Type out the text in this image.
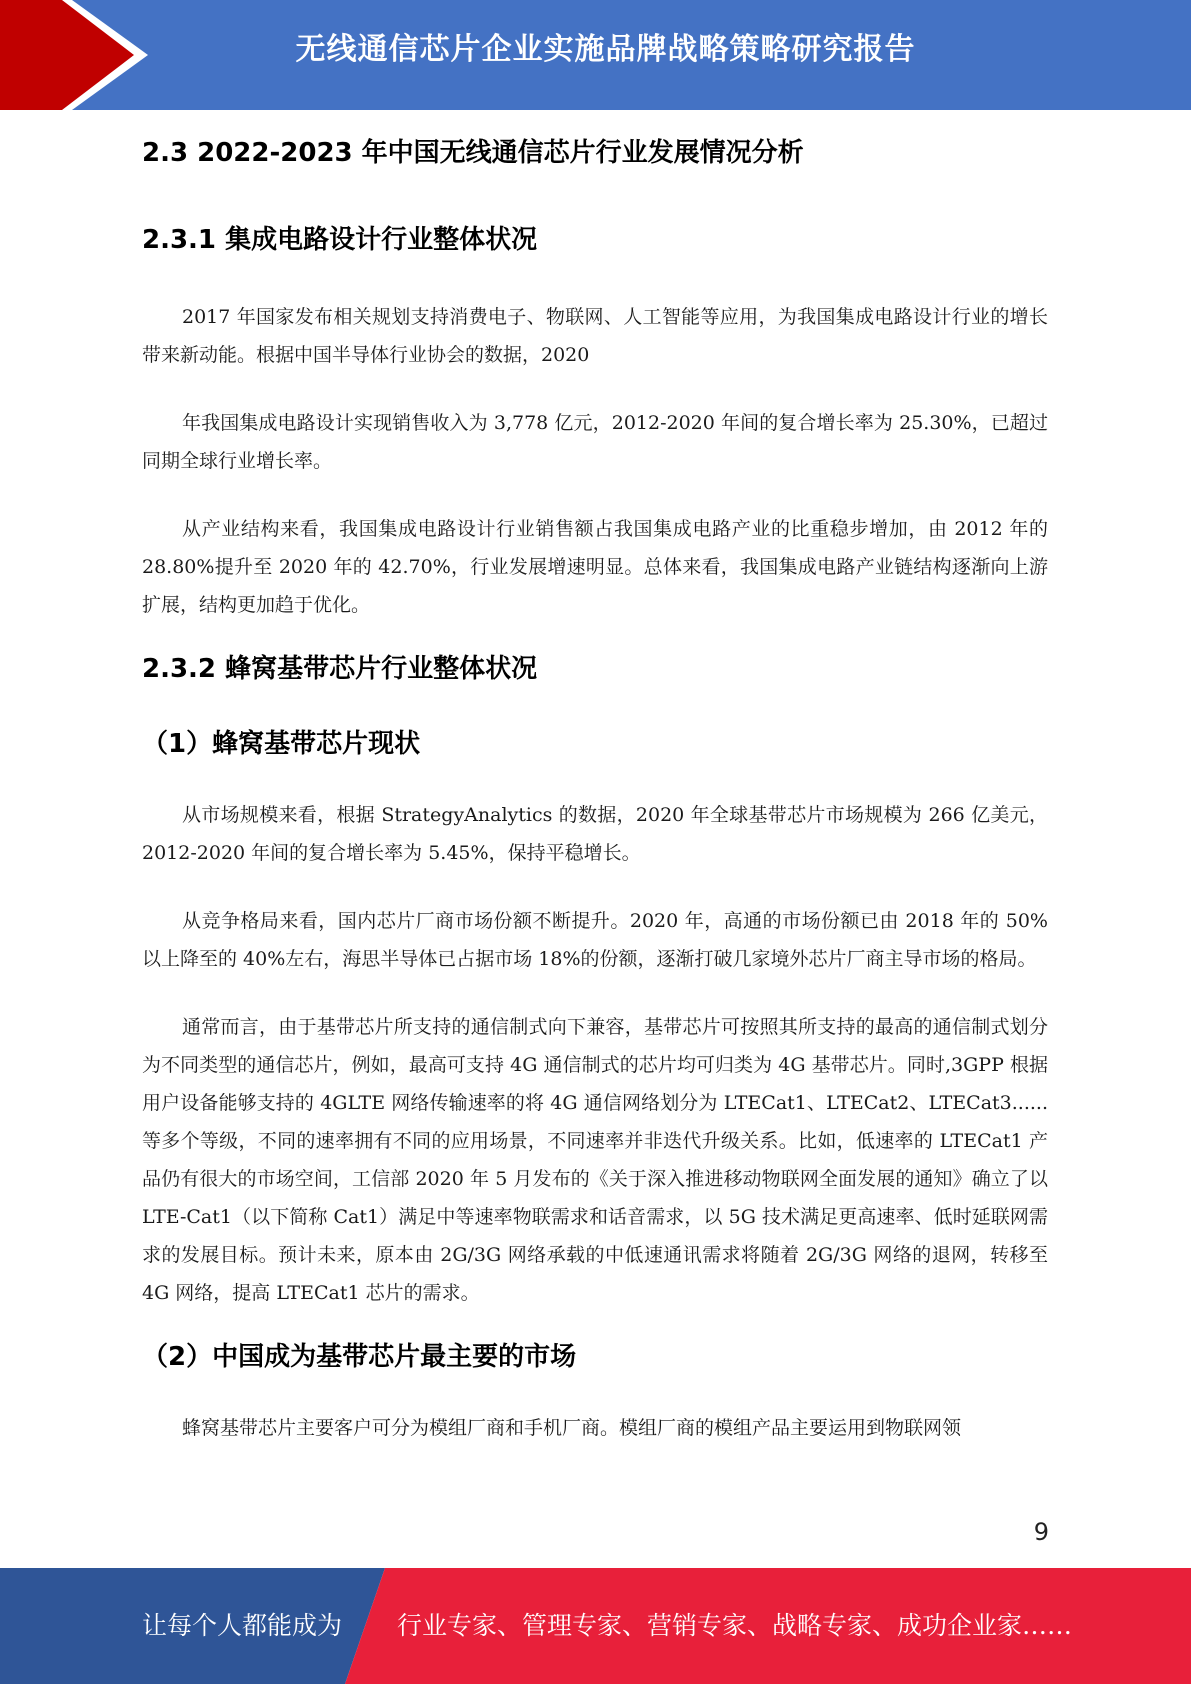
无线通信芯片企业实施品牌战略策略研究报告
2.3 2022-2023 年中国无线通信芯片行业发展情况分析
2.3.1 集成电路设计行业整体状况

2017 年国家发布相关规划支持消费电子、物联网、人工智能等应用，为我国集成电路设计行业的增长带来新动能。根据中国半导体行业协会的数据，2020

年我国集成电路设计实现销售收入为 3,778 亿元，2012-2020 年间的复合增长率为 25.30%，已超过同期全球行业增长率。

从产业结构来看，我国集成电路设计行业销售额占我国集成电路产业的比重稳步增加，由 2012 年的 28.80%提升至 2020 年的 42.70%，行业发展增速明显。总体来看，我国集成电路产业链结构逐渐向上游扩展，结构更加趋于优化。

2.3.2 蜂窝基带芯片行业整体状况
（1）蜂窝基带芯片现状

从市场规模来看，根据 StrategyAnalytics 的数据，2020 年全球基带芯片市场规模为 266 亿美元，2012-2020 年间的复合增长率为 5.45%，保持平稳增长。

从竞争格局来看，国内芯片厂商市场份额不断提升。2020 年，高通的市场份额已由 2018 年的 50%以上降至的 40%左右，海思半导体已占据市场 18%的份额，逐渐打破几家境外芯片厂商主导市场的格局。

通常而言，由于基带芯片所支持的通信制式向下兼容，基带芯片可按照其所支持的最高的通信制式划分为不同类型的通信芯片，例如，最高可支持 4G 通信制式的芯片均可归类为 4G 基带芯片。同时,3GPP 根据用户设备能够支持的 4GLTE 网络传输速率的将 4G 通信网络划分为 LTECat1、LTECat2、LTECat3......等多个等级，不同的速率拥有不同的应用场景，不同速率并非迭代升级关系。比如，低速率的 LTECat1 产品仍有很大的市场空间，工信部 2020 年 5 月发布的《关于深入推进移动物联网全面发展的通知》确立了以 LTE-Cat1（以下简称 Cat1）满足中等速率物联需求和话音需求，以 5G 技术满足更高速率、低时延联网需求的发展目标。预计未来，原本由 2G/3G 网络承载的中低速通讯需求将随着 2G/3G 网络的退网，转移至 4G 网络，提高 LTECat1 芯片的需求。

（2）中国成为基带芯片最主要的市场

蜂窝基带芯片主要客户可分为模组厂商和手机厂商。模组厂商的模组产品主要运用到物联网领

9
让每个人都能成为 行业专家、管理专家、营销专家、战略专家、成功企业家……
